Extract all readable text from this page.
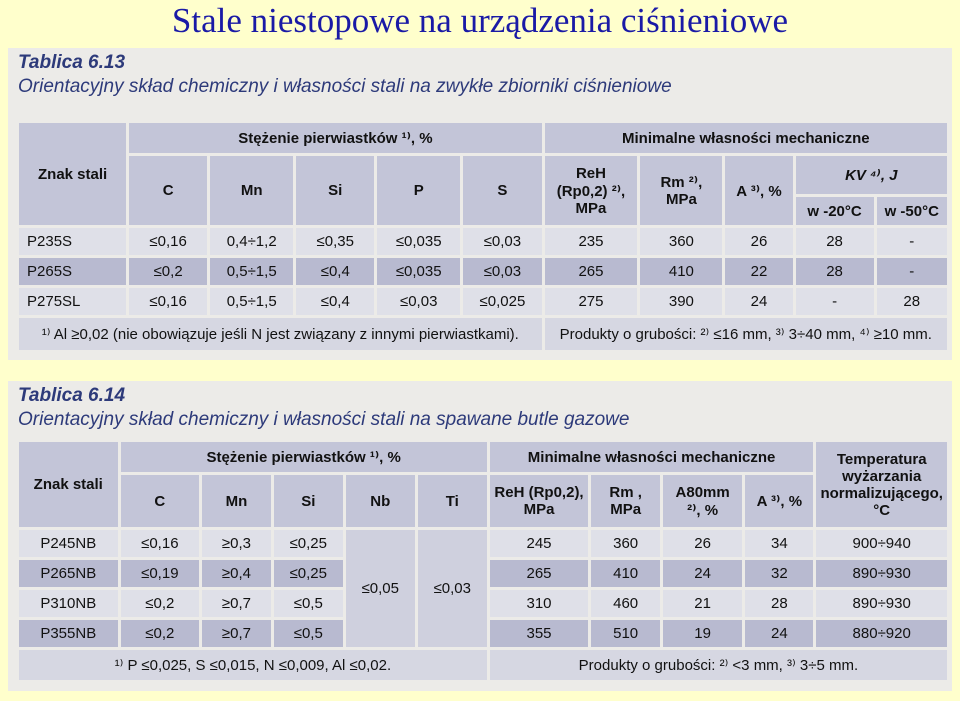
Stale niestopowe na urządzenia ciśnieniowe
Tablica 6.13
Orientacyjny skład chemiczny i własności stali na zwykłe zbiorniki ciśnieniowe
Znak stali	Stężenie pierwiastków ¹⁾, %					Minimalne własności mechaniczne				
	C	Mn	Si	P	S	ReH (Rp0,2) ²⁾, MPa	Rm ²⁾, MPa	A ³⁾, %	KV ⁴⁾, J	
									w -20°C	w -50°C
P235S	≤0,16	0,4÷1,2	≤0,35	≤0,035	≤0,03	235	360	26	28	-
P265S	≤0,2	0,5÷1,5	≤0,4	≤0,035	≤0,03	265	410	22	28	-
P275SL	≤0,16	0,5÷1,5	≤0,4	≤0,03	≤0,025	275	390	24	-	28
¹⁾ Al ≥0,02 (nie obowiązuje jeśli N jest związany z innymi pierwiastkami).						Produkty o grubości: ²⁾ ≤16 mm, ³⁾ 3÷40 mm, ⁴⁾ ≥10 mm.				
Tablica 6.14
Orientacyjny skład chemiczny i własności stali na spawane butle gazowe
Znak stali	Stężenie pierwiastków ¹⁾, %					Minimalne własności mechaniczne				Temperatura wyżarzania normalizującego, °C
	C	Mn	Si	Nb	Ti	ReH (Rp0,2), MPa	Rm , MPa	A80mm ²⁾, %	A ³⁾, %	
P245NB	≤0,16	≥0,3	≤0,25	≤0,05	≤0,03	245	360	26	34	900÷940
P265NB	≤0,19	≥0,4	≤0,25			265	410	24	32	890÷930
P310NB	≤0,2	≥0,7	≤0,5			310	460	21	28	890÷930
P355NB	≤0,2	≥0,7	≤0,5			355	510	19	24	880÷920
¹⁾ P ≤0,025, S ≤0,015, N ≤0,009, Al ≤0,02.						Produkty o grubości: ²⁾ <3 mm, ³⁾ 3÷5 mm.				
